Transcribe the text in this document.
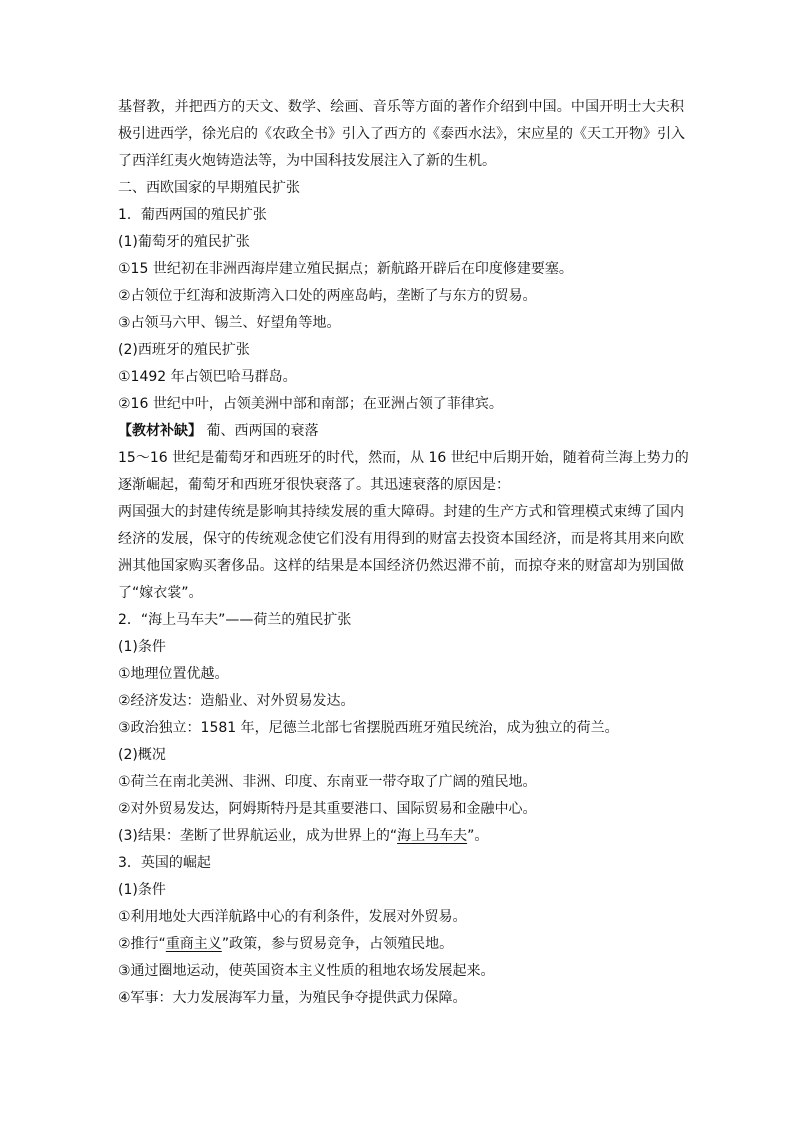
基督教，并把西方的天文、数学、绘画、音乐等方面的著作介绍到中国。中国开明士大夫积
极引进西学，徐光启的《农政全书》引入了西方的《泰西水法》，宋应星的《天工开物》引入
了西洋红夷火炮铸造法等，为中国科技发展注入了新的生机。
二、西欧国家的早期殖民扩张
1．葡西两国的殖民扩张
(1)葡萄牙的殖民扩张
①15 世纪初在非洲西海岸建立殖民据点；新航路开辟后在印度修建要塞。
②占领位于红海和波斯湾入口处的两座岛屿，垄断了与东方的贸易。
③占领马六甲、锡兰、好望角等地。
(2)西班牙的殖民扩张
①1492 年占领巴哈马群岛。
②16 世纪中叶，占领美洲中部和南部；在亚洲占领了菲律宾。
【教材补缺】 葡、西两国的衰落
15～16 世纪是葡萄牙和西班牙的时代，然而，从 16 世纪中后期开始，随着荷兰海上势力的
逐渐崛起，葡萄牙和西班牙很快衰落了。其迅速衰落的原因是：
两国强大的封建传统是影响其持续发展的重大障碍。封建的生产方式和管理模式束缚了国内
经济的发展，保守的传统观念使它们没有用得到的财富去投资本国经济，而是将其用来向欧
洲其他国家购买奢侈品。这样的结果是本国经济仍然迟滞不前，而掠夺来的财富却为别国做
了“嫁衣裳”。
2．“海上马车夫”——荷兰的殖民扩张
(1)条件
①地理位置优越。
②经济发达：造船业、对外贸易发达。
③政治独立：1581 年，尼德兰北部七省摆脱西班牙殖民统治，成为独立的荷兰。
(2)概况
①荷兰在南北美洲、非洲、印度、东南亚一带夺取了广阔的殖民地。
②对外贸易发达，阿姆斯特丹是其重要港口、国际贸易和金融中心。
(3)结果：垄断了世界航运业，成为世界上的“海上马车夫”。
3．英国的崛起
(1)条件
①利用地处大西洋航路中心的有利条件，发展对外贸易。
②推行“重商主义”政策，参与贸易竞争，占领殖民地。
③通过圈地运动，使英国资本主义性质的租地农场发展起来。
④军事：大力发展海军力量，为殖民争夺提供武力保障。
